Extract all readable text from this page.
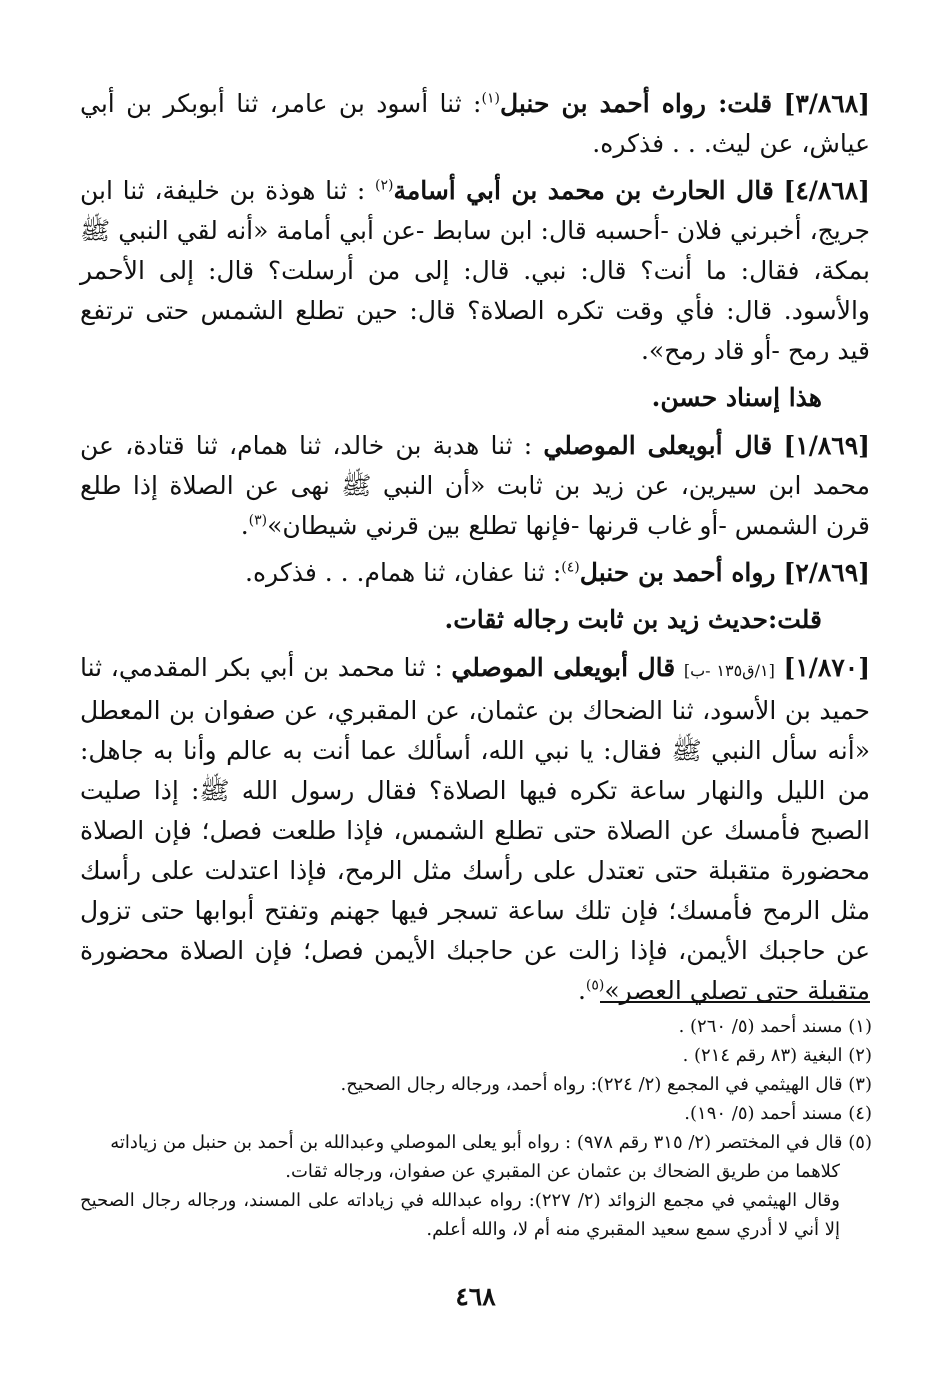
[٣/٨٦٨] قلت: رواه أحمد بن حنبل$^{(١)}$: ثنا أسود بن عامر، ثنا أبوبكر بن أبي عياش، عن ليث. . . فذكره.

[٤/٨٦٨] قال الحارث بن محمد بن أبي أسامة$^{(٢)}$ : ثنا هوذة بن خليفة، ثنا ابن جريج، أخبرني فلان -أحسبه قال: ابن سابط -عن أبي أمامة «أنه لقي النبي ﷺ بمكة، فقال: ما أنت؟ قال: نبي. قال: إلى من أرسلت؟ قال: إلى الأحمر والأسود. قال: فأي وقت تكره الصلاة؟ قال: حين تطلع الشمس حتى ترتفع قيد رمح -أو قاد رمح».

هذا إسناد حسن.

[١/٨٦٩] قال أبويعلى الموصلي : ثنا هدبة بن خالد، ثنا همام، ثنا قتادة، عن محمد ابن سيرين، عن زيد بن ثابت «أن النبي ﷺ نهى عن الصلاة إذا طلع قرن الشمس -أو غاب قرنها -فإنها تطلع بين قرني شيطان»$^{(٣)}$.

[٢/٨٦٩] رواه أحمد بن حنبل$^{(٤)}$: ثنا عفان، ثنا همام. . . فذكره.

قلت:حديث زيد بن ثابت رجاله ثقات.

[١/٨٧٠] [١/ق١٣٥ -ب] قال أبويعلى الموصلي : ثنا محمد بن أبي بكر المقدمي، ثنا حميد بن الأسود، ثنا الضحاك بن عثمان، عن المقبري، عن صفوان بن المعطل «أنه سأل النبي ﷺ فقال: يا نبي الله، أسألك عما أنت به عالم وأنا به جاهل: من الليل والنهار ساعة تكره فيها الصلاة؟ فقال رسول الله ﷺ: إذا صليت الصبح فأمسك عن الصلاة حتى تطلع الشمس، فإذا طلعت فصل؛ فإن الصلاة محضورة متقبلة حتى تعتدل على رأسك مثل الرمح، فإذا اعتدلت على رأسك مثل الرمح فأمسك؛ فإن تلك ساعة تسجر فيها جهنم وتفتح أبوابها حتى تزول عن حاجبك الأيمن، فإذا زالت عن حاجبك الأيمن فصل؛ فإن الصلاة محضورة متقبلة حتى تصلي العصر»$^{(٥)}$.

(١) مسند أحمد (٥/ ٢٦٠) .

(٢) البغية (٨٣ رقم ٢١٤) .

(٣) قال الهيثمي في المجمع (٢/ ٢٢٤): رواه أحمد، ورجاله رجال الصحيح.

(٤) مسند أحمد (٥/ ١٩٠).

(٥) قال في المختصر (٢/ ٣١٥ رقم ٩٧٨) : رواه أبو يعلى الموصلي وعبدالله بن أحمد بن حنبل من زياداته

كلاهما من طريق الضحاك بن عثمان عن المقبري عن صفوان، ورجاله ثقات.

وقال الهيثمي في مجمع الزوائد (٢/ ٢٢٧): رواه عبدالله في زياداته على المسند، ورجاله رجال الصحيح إلا أني لا أدري سمع سعيد المقبري منه أم لا، والله أعلم.

٤٦٨
